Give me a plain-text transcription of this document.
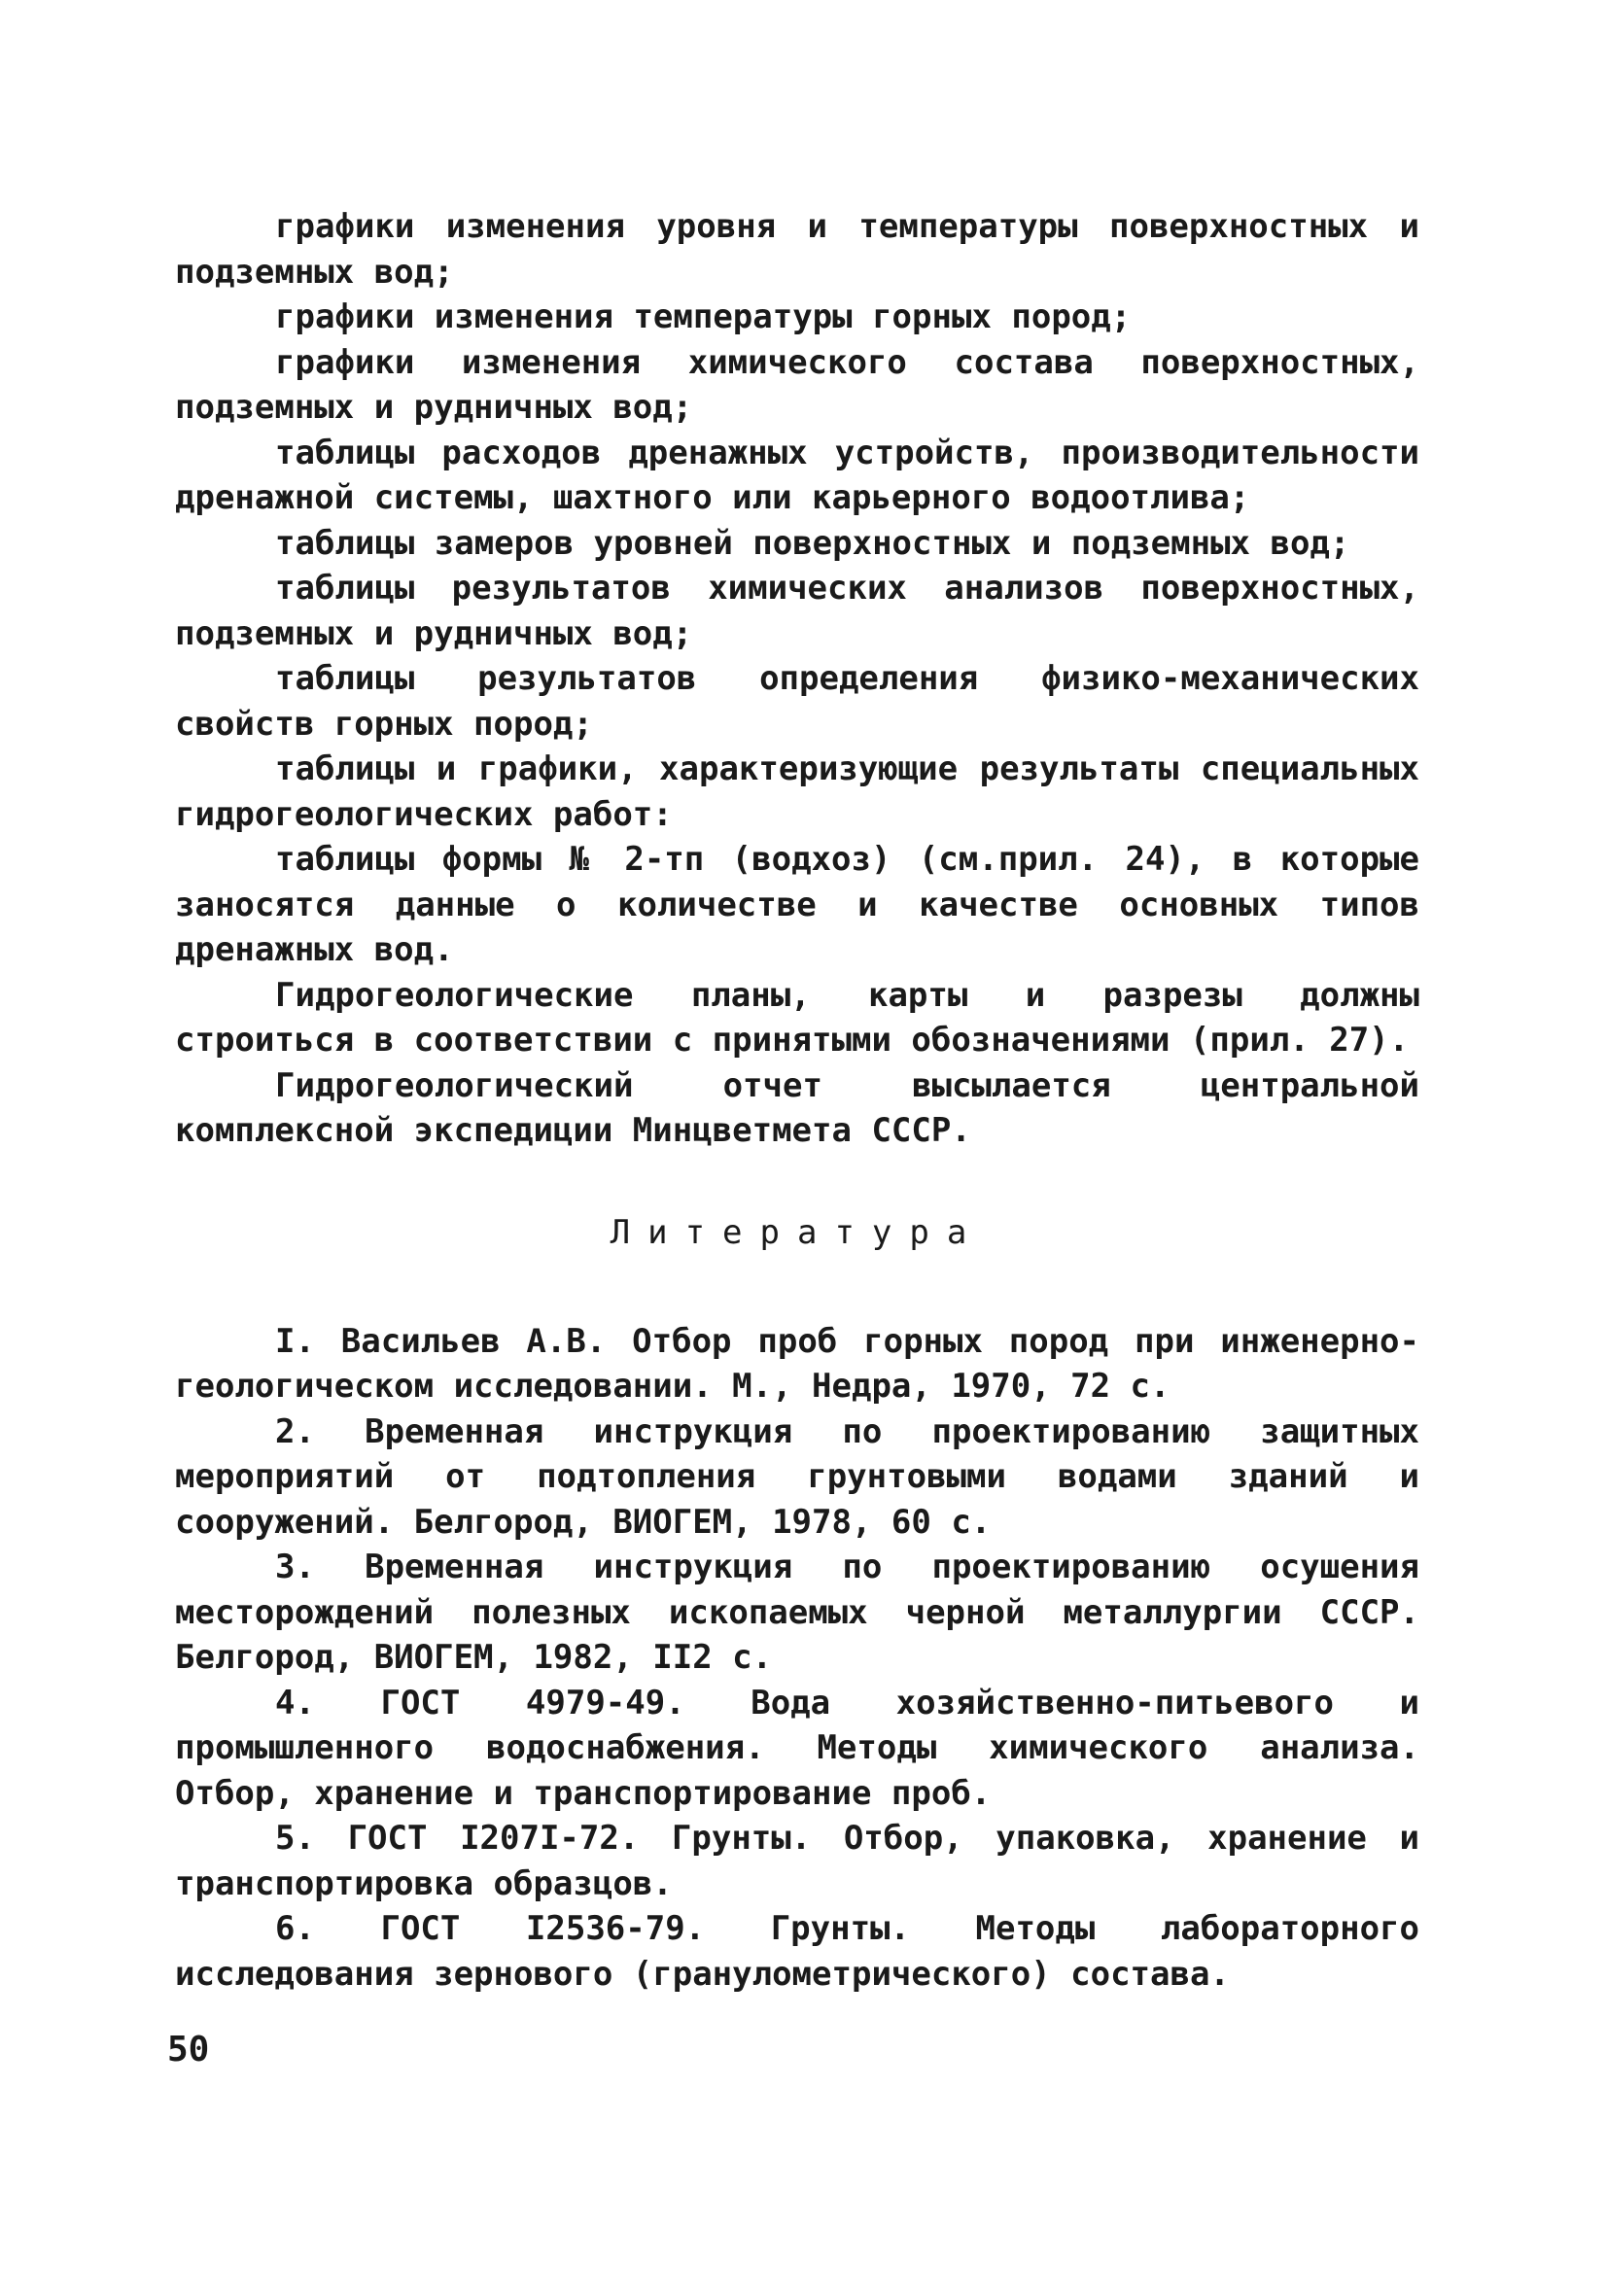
графики изменения уровня и температуры поверхностных и подземных вод;

графики изменения температуры горных пород;

графики изменения химического состава поверхностных, подземных и рудничных вод;

таблицы расходов дренажных устройств, производительности дренажной системы, шахтного или карьерного водоотлива;

таблицы замеров уровней поверхностных и подземных вод;

таблицы результатов химических анализов поверхностных, подземных и рудничных вод;

таблицы результатов определения физико-механических свойств горных пород;

таблицы и графики, характеризующие результаты специальных гидрогеологических работ:

таблицы формы № 2-тп (водхоз) (см.прил. 24), в которые заносятся данные о количестве и качестве основных типов дренажных вод.

Гидрогеологические планы, карты и разрезы должны строиться в соответствии с принятыми обозначениями (прил. 27).

Гидрогеологический отчет высылается центральной комплексной экспедиции Минцветмета СССР.

Литература

I. Васильев А.В. Отбор проб горных пород при инженерно-геологическом исследовании. М., Недра, 1970, 72 с.

2. Временная инструкция по проектированию защитных мероприятий от подтопления грунтовыми водами зданий и сооружений. Белгород, ВИОГЕМ, 1978, 60 с.

3. Временная инструкция по проектированию осушения месторождений полезных ископаемых черной металлургии СССР. Белгород, ВИОГЕМ, 1982, II2 с.

4. ГОСТ 4979-49. Вода хозяйственно-питьевого и промышленного водоснабжения. Методы химического анализа. Отбор, хранение и транспортирование проб.

5. ГОСТ I207I-72. Грунты. Отбор, упаковка, хранение и транспортировка образцов.

6. ГОСТ I2536-79. Грунты. Методы лабораторного исследования зернового (гранулометрического) состава.

50
